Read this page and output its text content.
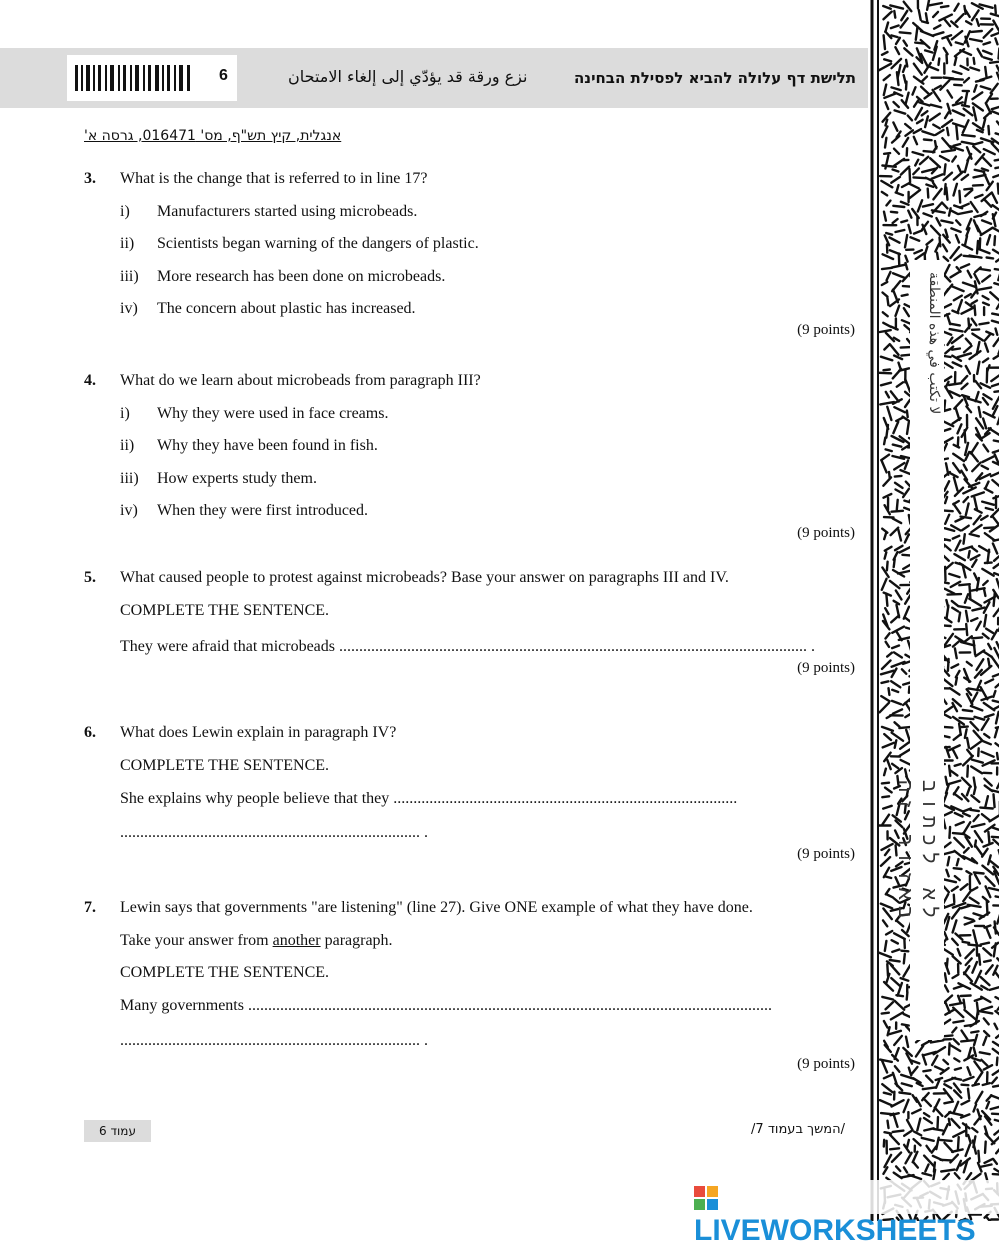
6	نزع ورقة قد يؤدّي إلى إلغاء الامتحان	תלישת דף עלולה להביא לפסילת הבחינה
אנגלית, קיץ תש"ף, מס' 016471, גרסה א'
3. What is the change that is referred to in line 17?
i) Manufacturers started using microbeads.
ii) Scientists began warning of the dangers of plastic.
iii) More research has been done on microbeads.
iv) The concern about plastic has increased.
(9 points)
4. What do we learn about microbeads from paragraph III?
i) Why they were used in face creams.
ii) Why they have been found in fish.
iii) How experts study them.
iv) When they were first introduced.
(9 points)
5. What caused people to protest against microbeads? Base your answer on paragraphs III and IV.
COMPLETE THE SENTENCE.
They were afraid that microbeads ..................................................................................................................... .
(9 points)
6. What does Lewin explain in paragraph IV?
COMPLETE THE SENTENCE.
She explains why people believe that they ......................................................................................
........................................................................... .
(9 points)
7. Lewin says that governments "are listening" (line 27). Give ONE example of what they have done.
Take your answer from another paragraph.
COMPLETE THE SENTENCE.
Many governments ...................................................................................................................................
........................................................................... .
(9 points)
עמוד 6	/המשך בעמוד 7/
لا تكتب في هذه المنطقة
לא לכתוב באזור זה
LIVEWORKSHEETS
